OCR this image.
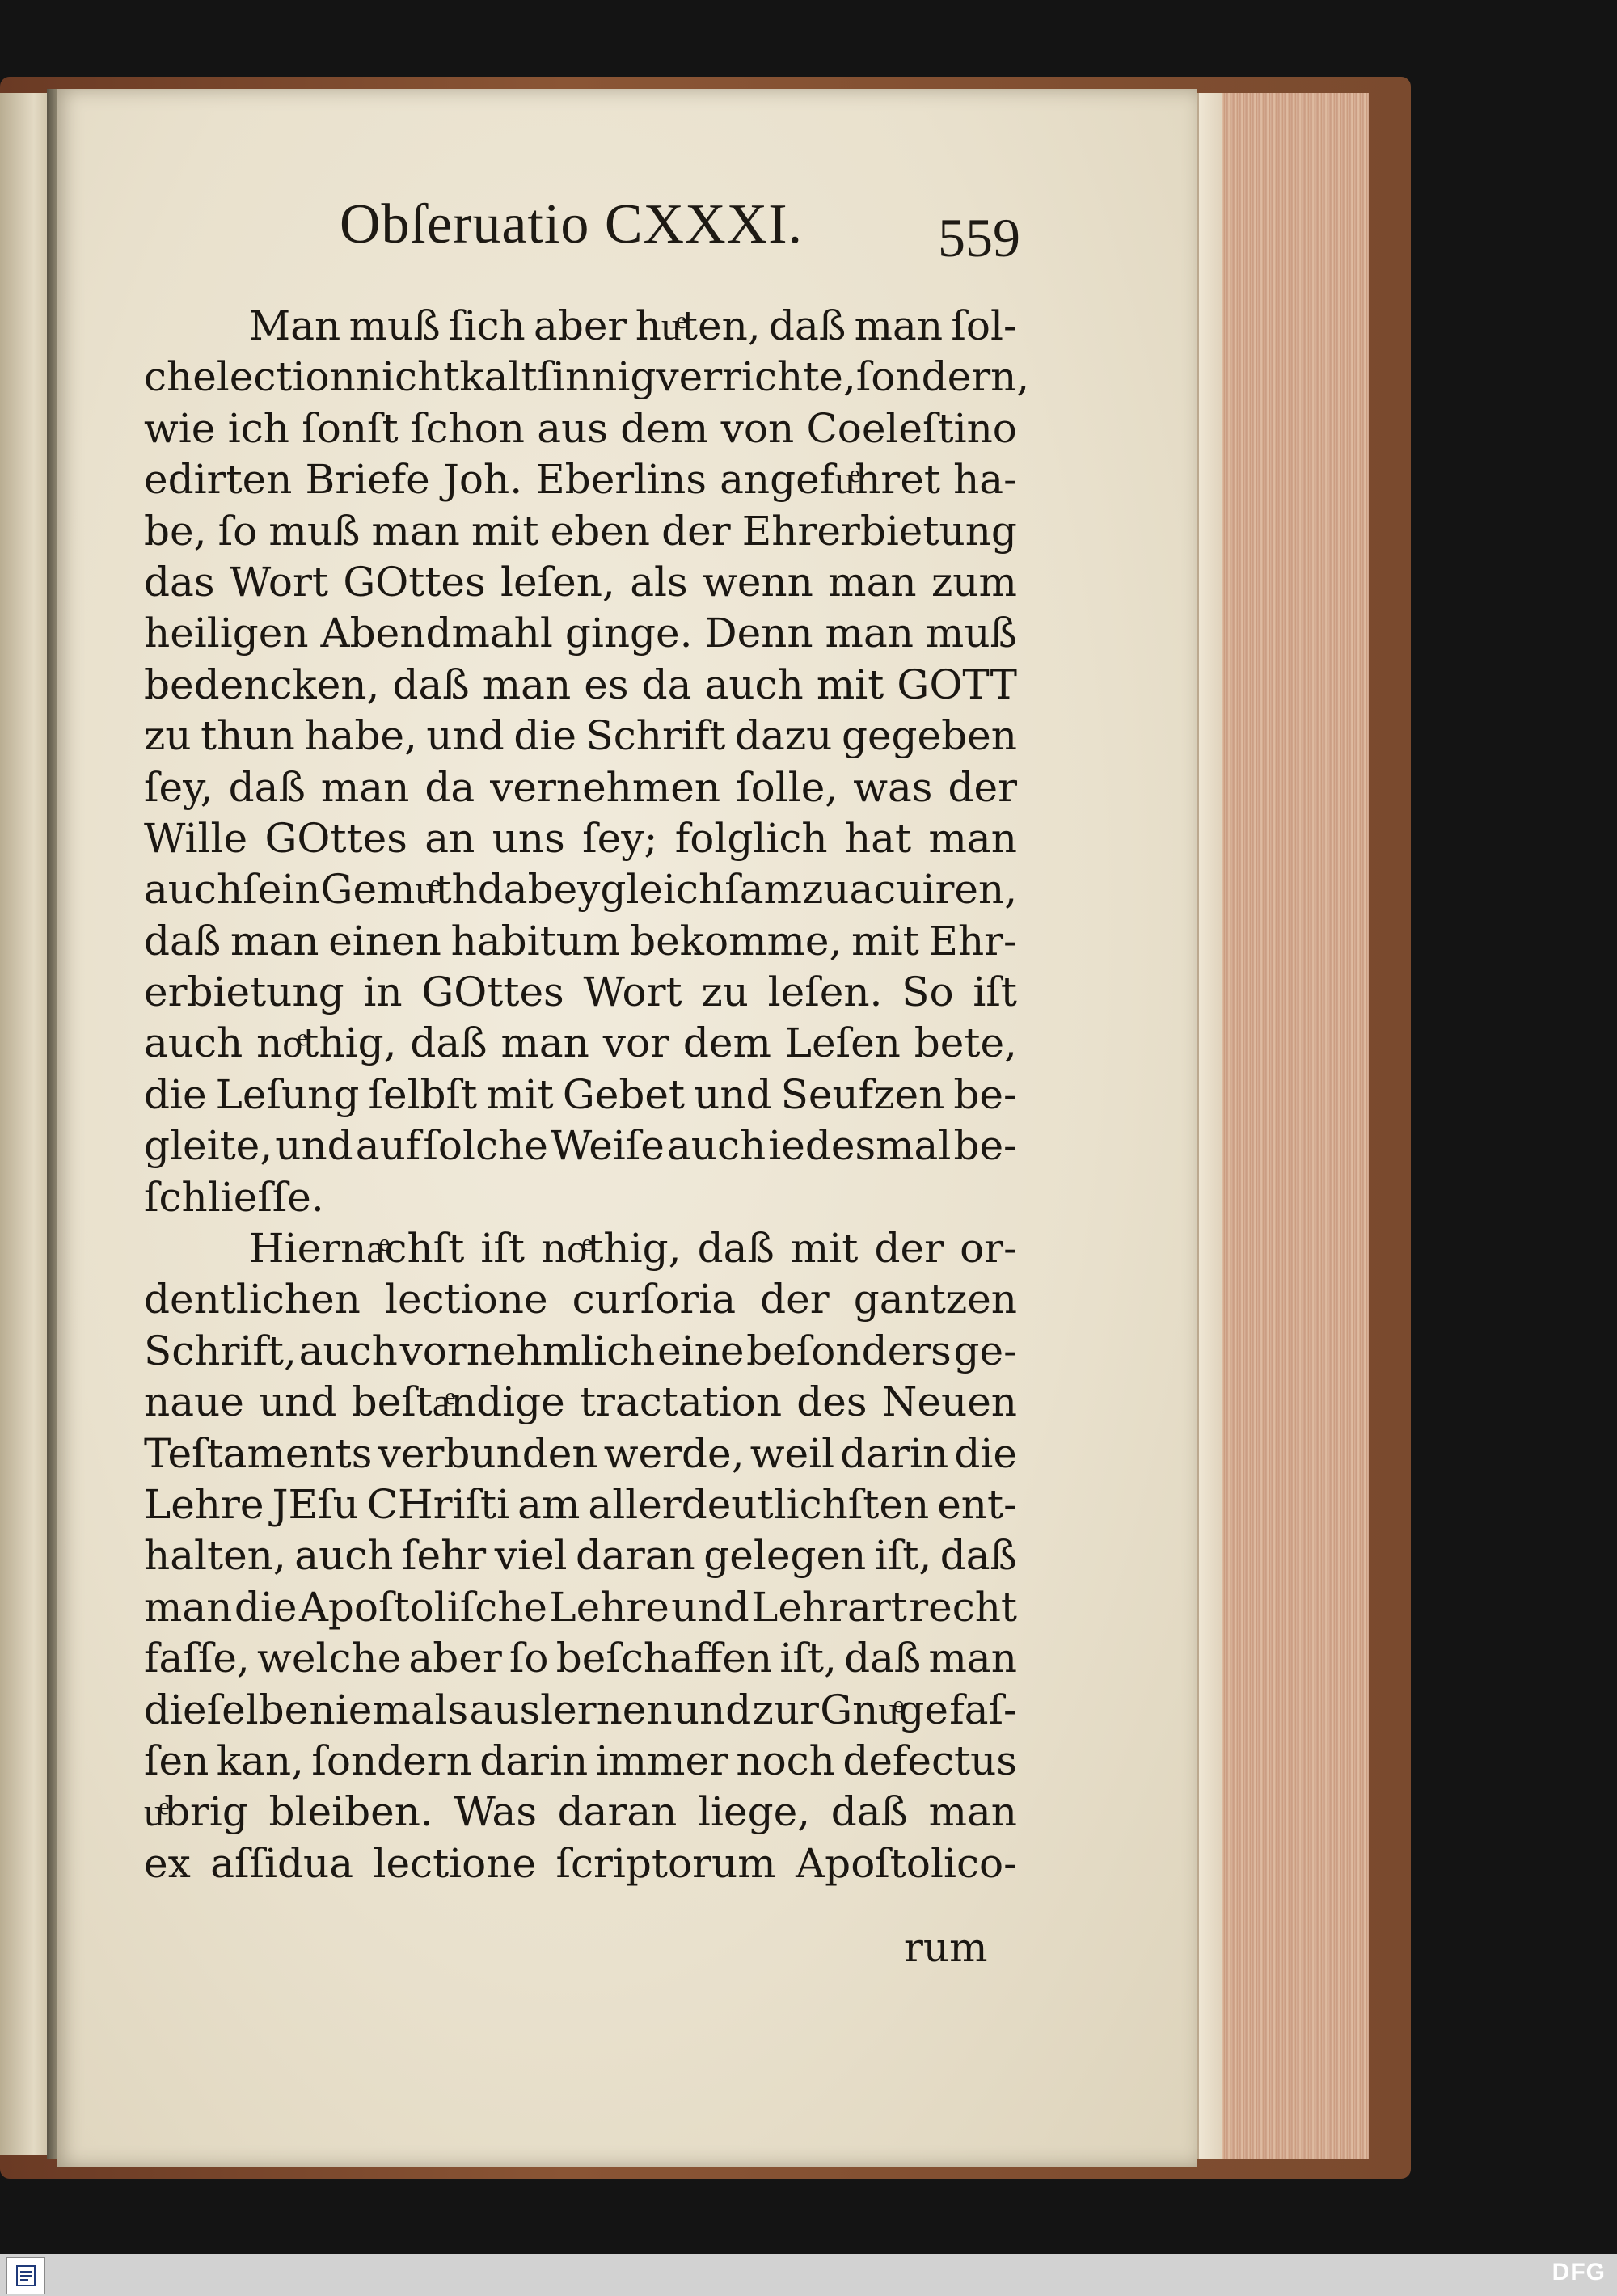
Obſeruatio CXXXI. 559
Man muß ſich aber huͤten, daß man ſol-
che lection nicht kaltſinnig verrichte, ſondern,
wie ich ſonſt ſchon aus dem von Coeleſtino
edirten Briefe Joh. Eberlins angefuͤhret ha-
be, ſo muß man mit eben der Ehrerbietung
das Wort GOttes leſen, als wenn man zum
heiligen Abendmahl ginge. Denn man muß
bedencken, daß man es da auch mit GOTT
zu thun habe, und die Schrift dazu gegeben
ſey, daß man da vernehmen ſolle, was der
Wille GOttes an uns ſey; folglich hat man
auch ſein Gemuͤth dabey gleichſam zu acuiren,
daß man einen habitum bekomme, mit Ehr-
erbietung in GOttes Wort zu leſen. So iſt
auch noͤthig, daß man vor dem Leſen bete,
die Leſung ſelbſt mit Gebet und Seufzen be-
gleite, und auf ſolche Weiſe auch iedesmal be-
ſchlieſſe.
Hiernaͤchſt iſt noͤthig, daß mit der or-
dentlichen lectione curſoria der gantzen
Schrift, auch vornehmlich eine beſonders ge-
naue und beſtaͤndige tractation des Neuen
Teſtaments verbunden werde, weil darin die
Lehre JEſu CHriſti am allerdeutlichſten ent-
halten, auch ſehr viel daran gelegen iſt, daß
man die Apoſtoliſche Lehre und Lehrart recht
faſſe, welche aber ſo beſchaffen iſt, daß man
dieſelbe niemals auslernen und zur Gnuͤge faſ-
ſen kan, ſondern darin immer noch defectus
uͤbrig bleiben. Was daran liege, daß man
ex aſſidua lectione ſcriptorum Apoſtolico-
rum
DFG
